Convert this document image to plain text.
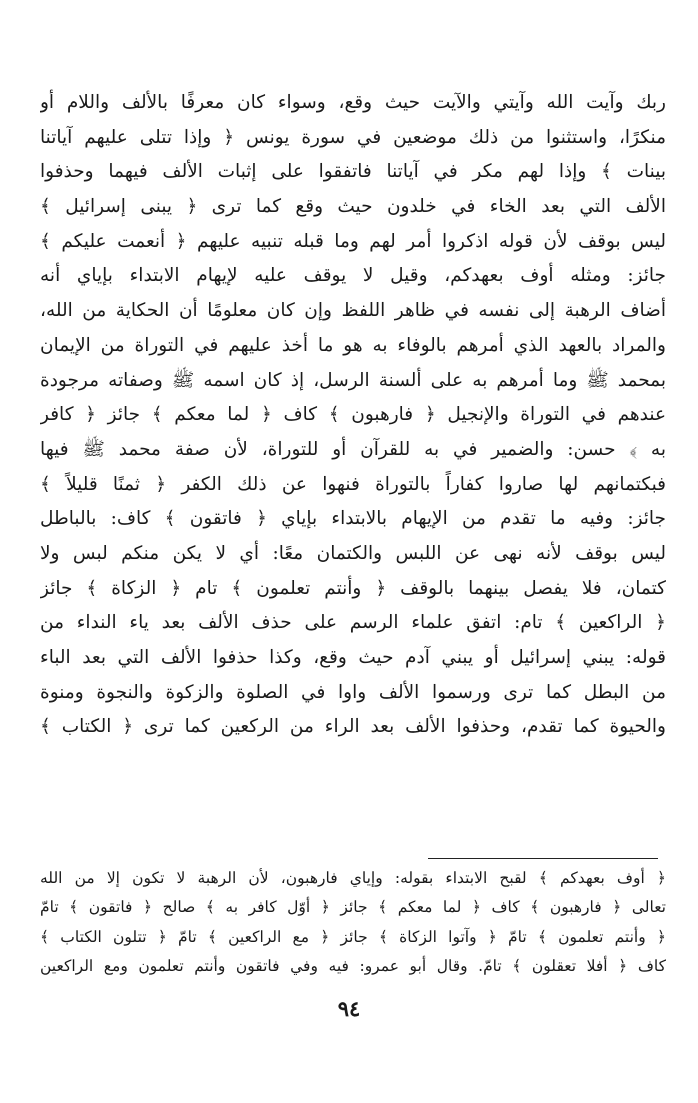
ربك وآيت الله وآيتي والآيت حيث وقع، وسواء كان معرفًا بالألف واللام أو
منكرًا، واستثنوا من ذلك موضعين في سورة يونس ﴿ وإذا تتلى عليهم آياتنا
بينات ﴾ وإذا لهم مكر في آياتنا فاتفقوا على إثبات الألف فيهما وحذفوا
الألف التي بعد الخاء في خلدون حيث وقع كما ترى ﴿ يبنى إسرائيل ﴾
ليس بوقف لأن قوله اذكروا أمر لهم وما قبله تنبيه عليهم ﴿ أنعمت عليكم ﴾
جائز: ومثله أوف بعهدكم، وقيل لا يوقف عليه لإيهام الابتداء بإياي أنه
أضاف الرهبة إلى نفسه في ظاهر اللفظ وإن كان معلومًا أن الحكاية من الله،
والمراد بالعهد الذي أمرهم بالوفاء به هو ما أخذ عليهم في التوراة من الإيمان
بمحمد ﷺ وما أمرهم به على ألسنة الرسل، إذ كان اسمه ﷺ وصفاته مرجودة
عندهم في التوراة والإنجيل ﴿ فارهبون ﴾ كاف ﴿ لما معكم ﴾ جائز ﴿ كافر
به ﴾ حسن: والضمير في به للقرآن أو للتوراة، لأن صفة محمد ﷺ فيها
فبكتمانهم لها صاروا كفاراً بالتوراة فنهوا عن ذلك الكفر ﴿ ثمنًا قليلاً ﴾
جائز: وفيه ما تقدم من الإيهام بالابتداء بإياي ﴿ فاتقون ﴾ كاف: بالباطل
ليس بوقف لأنه نهى عن اللبس والكتمان معًا: أي لا يكن منكم لبس ولا
كتمان، فلا يفصل بينهما بالوقف ﴿ وأنتم تعلمون ﴾ تام ﴿ الزكاة ﴾ جائز
﴿ الراكعين ﴾ تام: اتفق علماء الرسم على حذف الألف بعد ياء النداء من
قوله: يبني إسرائيل أو يبني آدم حيث وقع، وكذا حذفوا الألف التي بعد الباء
من البطل كما ترى ورسموا الألف واوا في الصلوة والزكوة والنجوة ومنوة
والحيوة كما تقدم، وحذفوا الألف بعد الراء من الركعين كما ترى ﴿ الكتاب ﴾
﴿ أوف بعهدكم ﴾ لقبح الابتداء بقوله: وإياي فارهبون، لأن الرهبة لا تكون إلا من الله
تعالى ﴿ فارهبون ﴾ كاف ﴿ لما معكم ﴾ جائز ﴿ أوّل كافر به ﴾ صالح ﴿ فاتقون ﴾ تامّ
﴿ وأنتم تعلمون ﴾ تامّ ﴿ وآتوا الزكاة ﴾ جائز ﴿ مع الراكعين ﴾ تامّ ﴿ تتلون الكتاب ﴾
كاف ﴿ أفلا تعقلون ﴾ تامّ. وقال أبو عمرو: فيه وفي فاتقون وأنتم تعلمون ومع الراكعين
٩٤
